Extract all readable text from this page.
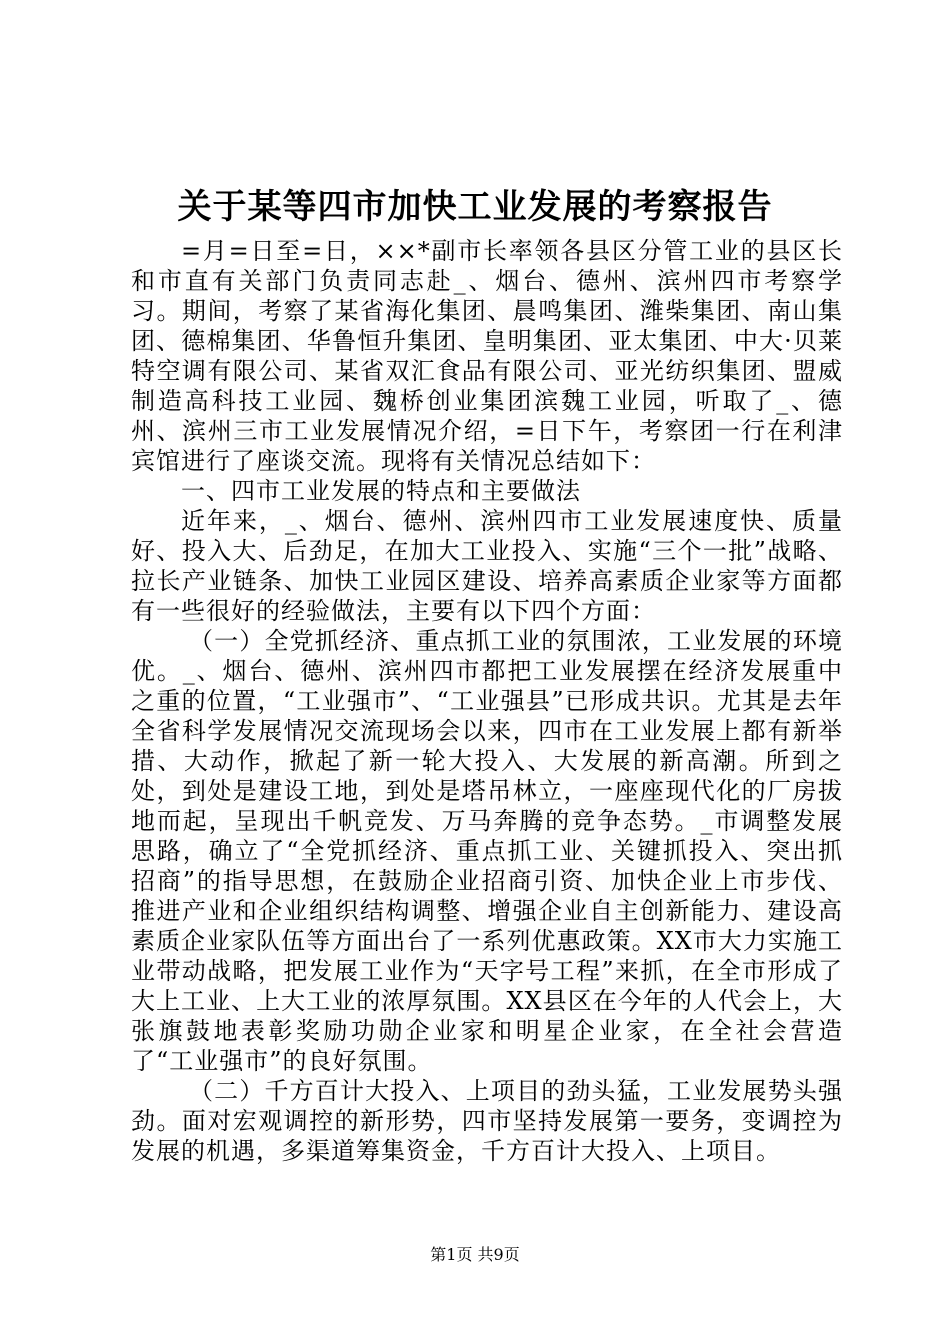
关于某等四市加快工业发展的考察报告

=月=日至=日，××*副市长率领各县区分管工业的县区长和市直有关部门负责同志赴_、烟台、德州、滨州四市考察学习。期间，考察了某省海化集团、晨鸣集团、潍柴集团、南山集团、德棉集团、华鲁恒升集团、皇明集团、亚太集团、中大·贝莱特空调有限公司、某省双汇食品有限公司、亚光纺织集团、盟威制造高科技工业园、魏桥创业集团滨魏工业园，听取了_、德州、滨州三市工业发展情况介绍，=日下午，考察团一行在利津宾馆进行了座谈交流。现将有关情况总结如下：

一、四市工业发展的特点和主要做法

近年来，_、烟台、德州、滨州四市工业发展速度快、质量好、投入大、后劲足，在加大工业投入、实施“三个一批”战略、拉长产业链条、加快工业园区建设、培养高素质企业家等方面都有一些很好的经验做法，主要有以下四个方面：

（一）全党抓经济、重点抓工业的氛围浓，工业发展的环境优。_、烟台、德州、滨州四市都把工业发展摆在经济发展重中之重的位置，“工业强市”、“工业强县”已形成共识。尤其是去年全省科学发展情况交流现场会以来，四市在工业发展上都有新举措、大动作，掀起了新一轮大投入、大发展的新高潮。所到之处，到处是建设工地，到处是塔吊林立，一座座现代化的厂房拔地而起，呈现出千帆竞发、万马奔腾的竞争态势。_市调整发展思路，确立了“全党抓经济、重点抓工业、关键抓投入、突出抓招商”的指导思想，在鼓励企业招商引资、加快企业上市步伐、推进产业和企业组织结构调整、增强企业自主创新能力、建设高素质企业家队伍等方面出台了一系列优惠政策。XX市大力实施工业带动战略，把发展工业作为“天字号工程”来抓，在全市形成了大上工业、上大工业的浓厚氛围。XX县区在今年的人代会上，大张旗鼓地表彰奖励功勋企业家和明星企业家，在全社会营造了“工业强市”的良好氛围。

（二）千方百计大投入、上项目的劲头猛，工业发展势头强劲。面对宏观调控的新形势，四市坚持发展第一要务，变调控为发展的机遇，多渠道筹集资金，千方百计大投入、上项目。

第1页 共9页
